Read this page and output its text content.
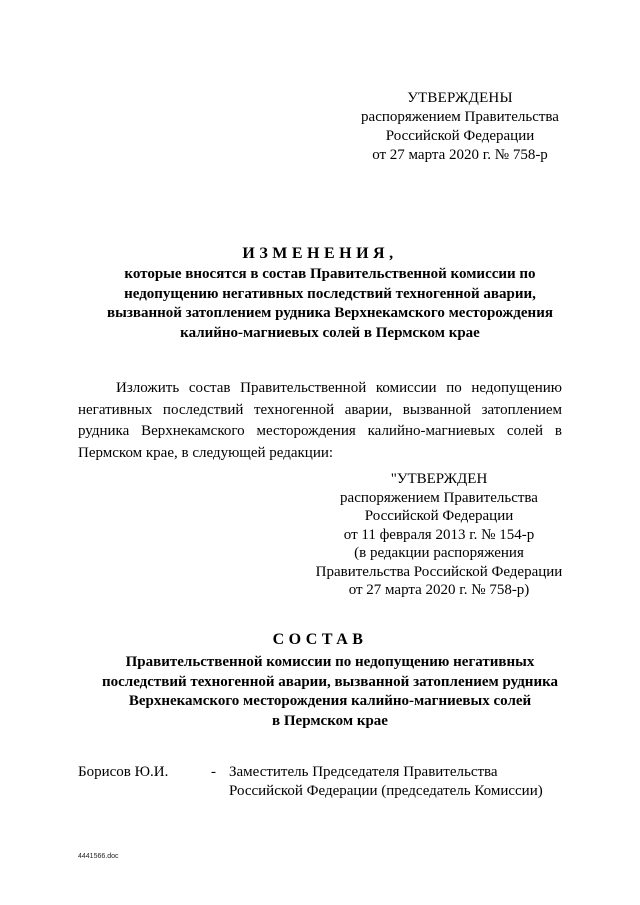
УТВЕРЖДЕНЫ
распоряжением Правительства
Российской Федерации
от 27 марта 2020 г. № 758-р
ИЗМЕНЕНИЯ,
которые вносятся в состав Правительственной комиссии по
недопущению негативных последствий техногенной аварии,
вызванной затоплением рудника Верхнекамского месторождения
калийно-магниевых солей в Пермском крае
Изложить состав Правительственной комиссии по недопущению негативных последствий техногенной аварии, вызванной затоплением рудника Верхнекамского месторождения калийно-магниевых солей в Пермском крае, в следующей редакции:
"УТВЕРЖДЕН
распоряжением Правительства
Российской Федерации
от 11 февраля 2013 г. № 154-р
(в редакции распоряжения
Правительства Российской Федерации
от 27 марта 2020 г. № 758-р)
СОСТАВ
Правительственной комиссии по недопущению негативных
последствий техногенной аварии, вызванной затоплением рудника
Верхнекамского месторождения калийно-магниевых солей
в Пермском крае
Борисов Ю.И.	- Заместитель Председателя Правительства
Российской Федерации (председатель Комиссии)
4441566.doc
